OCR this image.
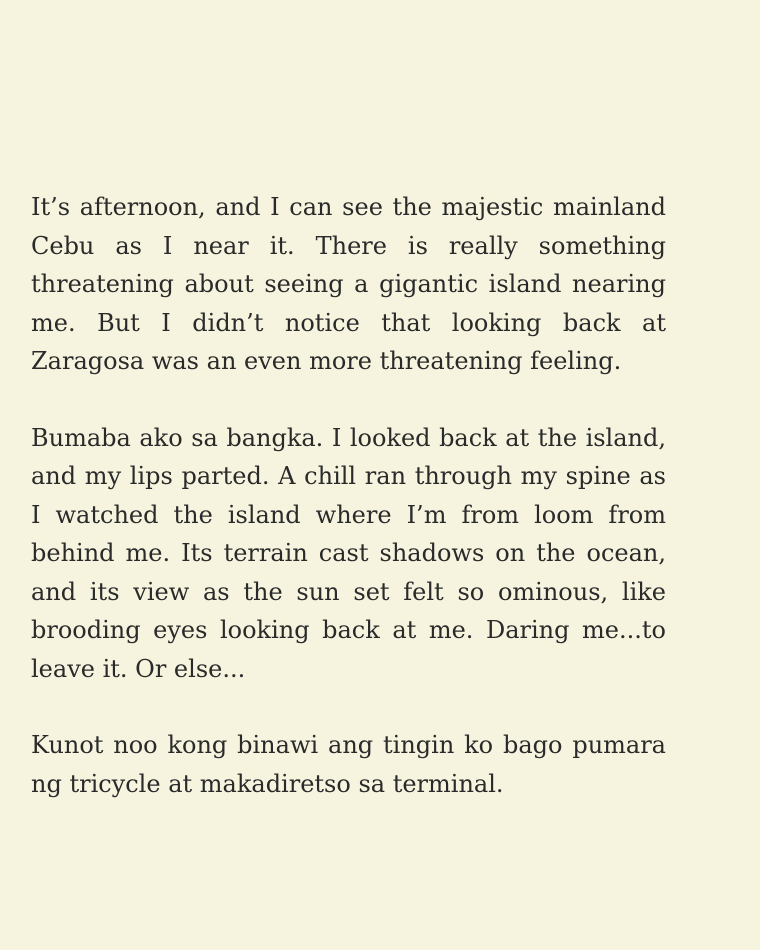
It’s afternoon, and I can see the majestic mainland Cebu as I near it. There is really something threatening about seeing a gigantic island nearing me. But I didn’t notice that looking back at Zaragosa was an even more threatening feeling.

Bumaba ako sa bangka. I looked back at the island, and my lips parted. A chill ran through my spine as I watched the island where I’m from loom from behind me. Its terrain cast shadows on the ocean, and its view as the sun set felt so ominous, like brooding eyes looking back at me. Daring me...to leave it. Or else...

Kunot noo kong binawi ang tingin ko bago pumara ng tricycle at makadiretso sa terminal.
